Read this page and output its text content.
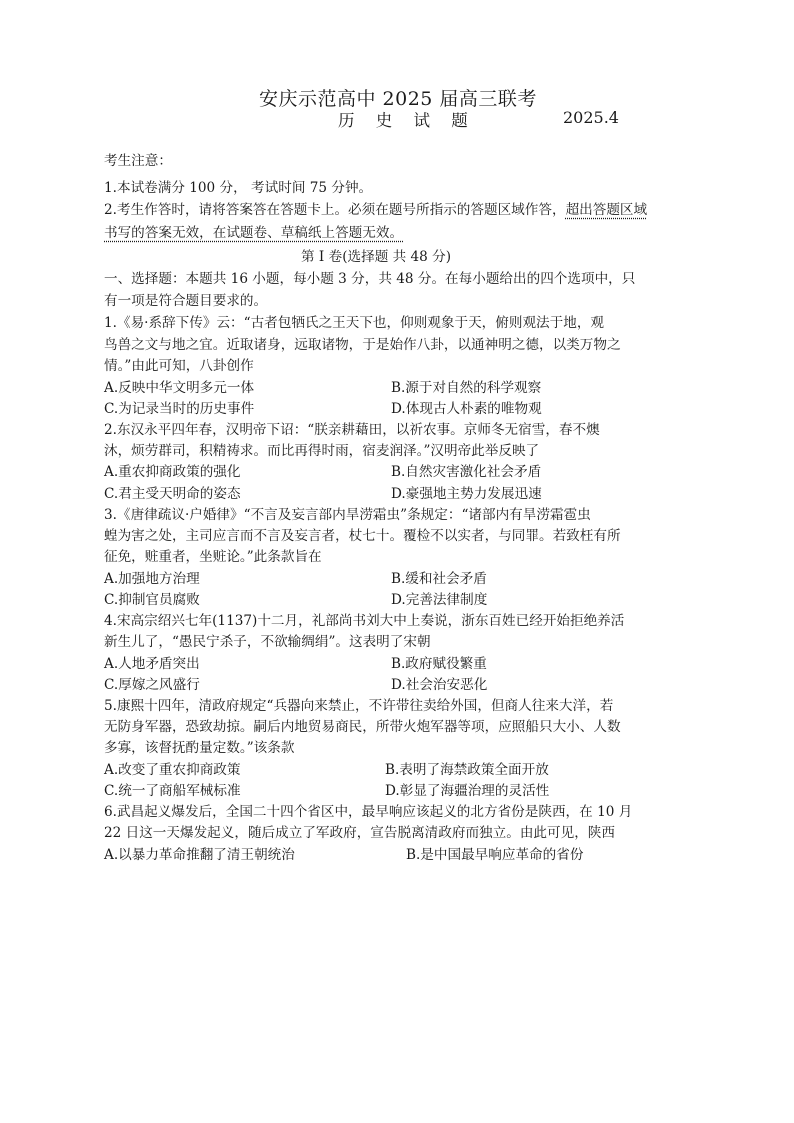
安庆示范高中 2025 届高三联考
历 史 试 题	2025.4
考生注意：
1.本试卷满分 100 分， 考试时间 75 分钟。
2.考生作答时，请将答案答在答题卡上。必须在题号所指示的答题区域作答，超出答题区域
书写的答案无效，在试题卷、草稿纸上答题无效。
第 I 卷(选择题 共 48 分)
一、选择题：本题共 16 小题，每小题 3 分，共 48 分。在每小题给出的四个选项中，只
有一项是符合题目要求的。
1.《易·系辞下传》云：“古者包牺氏之王天下也，仰则观象于天，俯则观法于地，观
鸟兽之文与地之宜。近取诸身，远取诸物，于是始作八卦，以通神明之德，以类万物之
情。”由此可知，八卦创作
A.反映中华文明多元一体	B.源于对自然的科学观察
C.为记录当时的历史事件	D.体现古人朴素的唯物观
2.东汉永平四年春，汉明帝下诏：“朕亲耕藉田，以祈农事。京师冬无宿雪，春不燠
沐，烦劳群司，积精祷求。而比再得时雨，宿麦润泽。”汉明帝此举反映了
A.重农抑商政策的强化	B.自然灾害激化社会矛盾
C.君主受天明命的姿态	D.豪强地主势力发展迅速
3.《唐律疏议·户婚律》“不言及妄言部内旱涝霜虫”条规定：“诸部内有旱涝霜雹虫
蝗为害之处，主司应言而不言及妄言者，杖七十。覆检不以实者，与同罪。若致枉有所
征免，赃重者，坐赃论。”此条款旨在
A.加强地方治理	B.缓和社会矛盾
C.抑制官员腐败	D.完善法律制度
4.宋高宗绍兴七年(1137)十二月，礼部尚书刘大中上奏说，浙东百姓已经开始拒绝养活
新生儿了，“愚民宁杀子，不欲输绸绢”。这表明了宋朝
A.人地矛盾突出	B.政府赋役繁重
C.厚嫁之风盛行	D.社会治安恶化
5.康熙十四年，清政府规定“兵器向来禁止，不许带往卖给外国，但商人往来大洋，若
无防身军器，恐致劫掠。嗣后内地贸易商民，所带火炮军器等项，应照船只大小、人数
多寡，该督抚酌量定数。”该条款
A.改变了重农抑商政策	B.表明了海禁政策全面开放
C.统一了商船军械标准	D.彰显了海疆治理的灵活性
6.武昌起义爆发后，全国二十四个省区中，最早响应该起义的北方省份是陕西，在 10 月
22 日这一天爆发起义，随后成立了军政府，宣告脱离清政府而独立。由此可见，陕西
A.以暴力革命推翻了清王朝统治	B.是中国最早响应革命的省份
